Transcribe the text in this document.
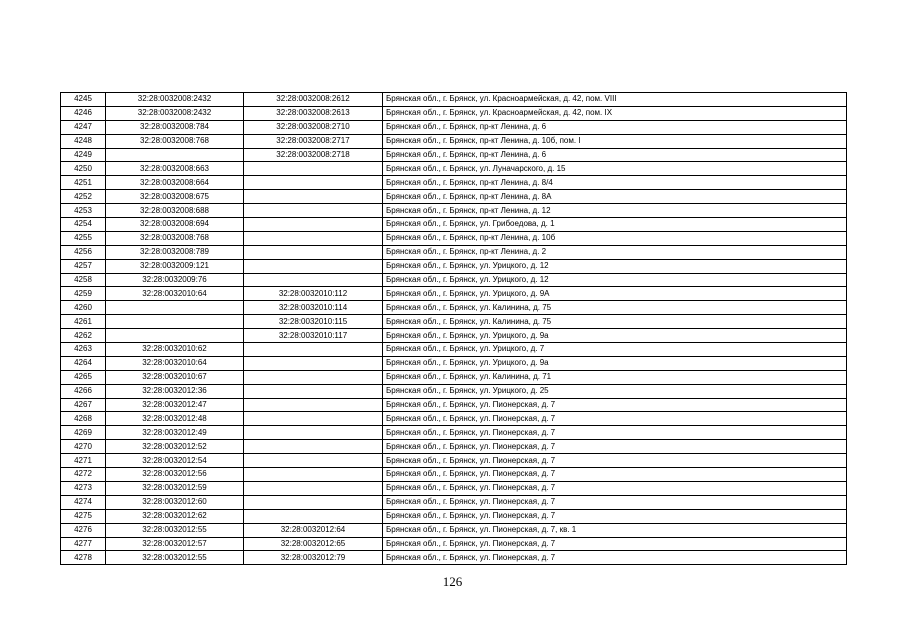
4245	32:28:0032008:2432	32:28:0032008:2612	Брянская обл., г. Брянск, ул. Красноармейская, д. 42, пом. VIII
4246	32:28:0032008:2432	32:28:0032008:2613	Брянская обл., г. Брянск, ул. Красноармейская, д. 42, пом. IX
4247	32:28:0032008:784	32:28:0032008:2710	Брянская обл., г. Брянск, пр-кт Ленина, д. 6
4248	32:28:0032008:768	32:28:0032008:2717	Брянская обл., г. Брянск, пр-кт Ленина, д. 10б, пом. I
4249		32:28:0032008:2718	Брянская обл., г. Брянск, пр-кт Ленина, д. 6
4250	32:28:0032008:663		Брянская обл., г. Брянск, ул. Луначарского, д. 15
4251	32:28:0032008:664		Брянская обл., г. Брянск, пр-кт Ленина, д. 8/4
4252	32:28:0032008:675		Брянская обл., г. Брянск, пр-кт Ленина, д. 8А
4253	32:28:0032008:688		Брянская обл., г. Брянск, пр-кт Ленина, д. 12
4254	32:28:0032008:694		Брянская обл., г. Брянск, ул. Грибоедова, д. 1
4255	32:28:0032008:768		Брянская обл., г. Брянск, пр-кт Ленина, д. 10б
4256	32:28:0032008:789		Брянская обл., г. Брянск, пр-кт Ленина, д. 2
4257	32:28:0032009:121		Брянская обл., г. Брянск, ул. Урицкого, д. 12
4258	32:28:0032009:76		Брянская обл., г. Брянск, ул. Урицкого, д. 12
4259	32:28:0032010:64	32:28:0032010:112	Брянская обл., г. Брянск, ул. Урицкого, д. 9А
4260		32:28:0032010:114	Брянская обл., г. Брянск, ул. Калинина, д. 75
4261		32:28:0032010:115	Брянская обл., г. Брянск, ул. Калинина, д. 75
4262		32:28:0032010:117	Брянская обл., г. Брянск, ул. Урицкого, д. 9а
4263	32:28:0032010:62		Брянская обл., г. Брянск, ул. Урицкого, д. 7
4264	32:28:0032010:64		Брянская обл., г. Брянск, ул. Урицкого, д. 9а
4265	32:28:0032010:67		Брянская обл., г. Брянск, ул. Калинина, д. 71
4266	32:28:0032012:36		Брянская обл., г. Брянск, ул. Урицкого, д. 25
4267	32:28:0032012:47		Брянская обл., г. Брянск, ул. Пионерская, д. 7
4268	32:28:0032012:48		Брянская обл., г. Брянск, ул. Пионерская, д. 7
4269	32:28:0032012:49		Брянская обл., г. Брянск, ул. Пионерская, д. 7
4270	32:28:0032012:52		Брянская обл., г. Брянск, ул. Пионерская, д. 7
4271	32:28:0032012:54		Брянская обл., г. Брянск, ул. Пионерская, д. 7
4272	32:28:0032012:56		Брянская обл., г. Брянск, ул. Пионерская, д. 7
4273	32:28:0032012:59		Брянская обл., г. Брянск, ул. Пионерская, д. 7
4274	32:28:0032012:60		Брянская обл., г. Брянск, ул. Пионерская, д. 7
4275	32:28:0032012:62		Брянская обл., г. Брянск, ул. Пионерская, д. 7
4276	32:28:0032012:55	32:28:0032012:64	Брянская обл., г. Брянск, ул. Пионерская, д. 7, кв. 1
4277	32:28:0032012:57	32:28:0032012:65	Брянская обл., г. Брянск, ул. Пионерская, д. 7
4278	32:28:0032012:55	32:28:0032012:79	Брянская обл., г. Брянск, ул. Пионерская, д. 7
126
